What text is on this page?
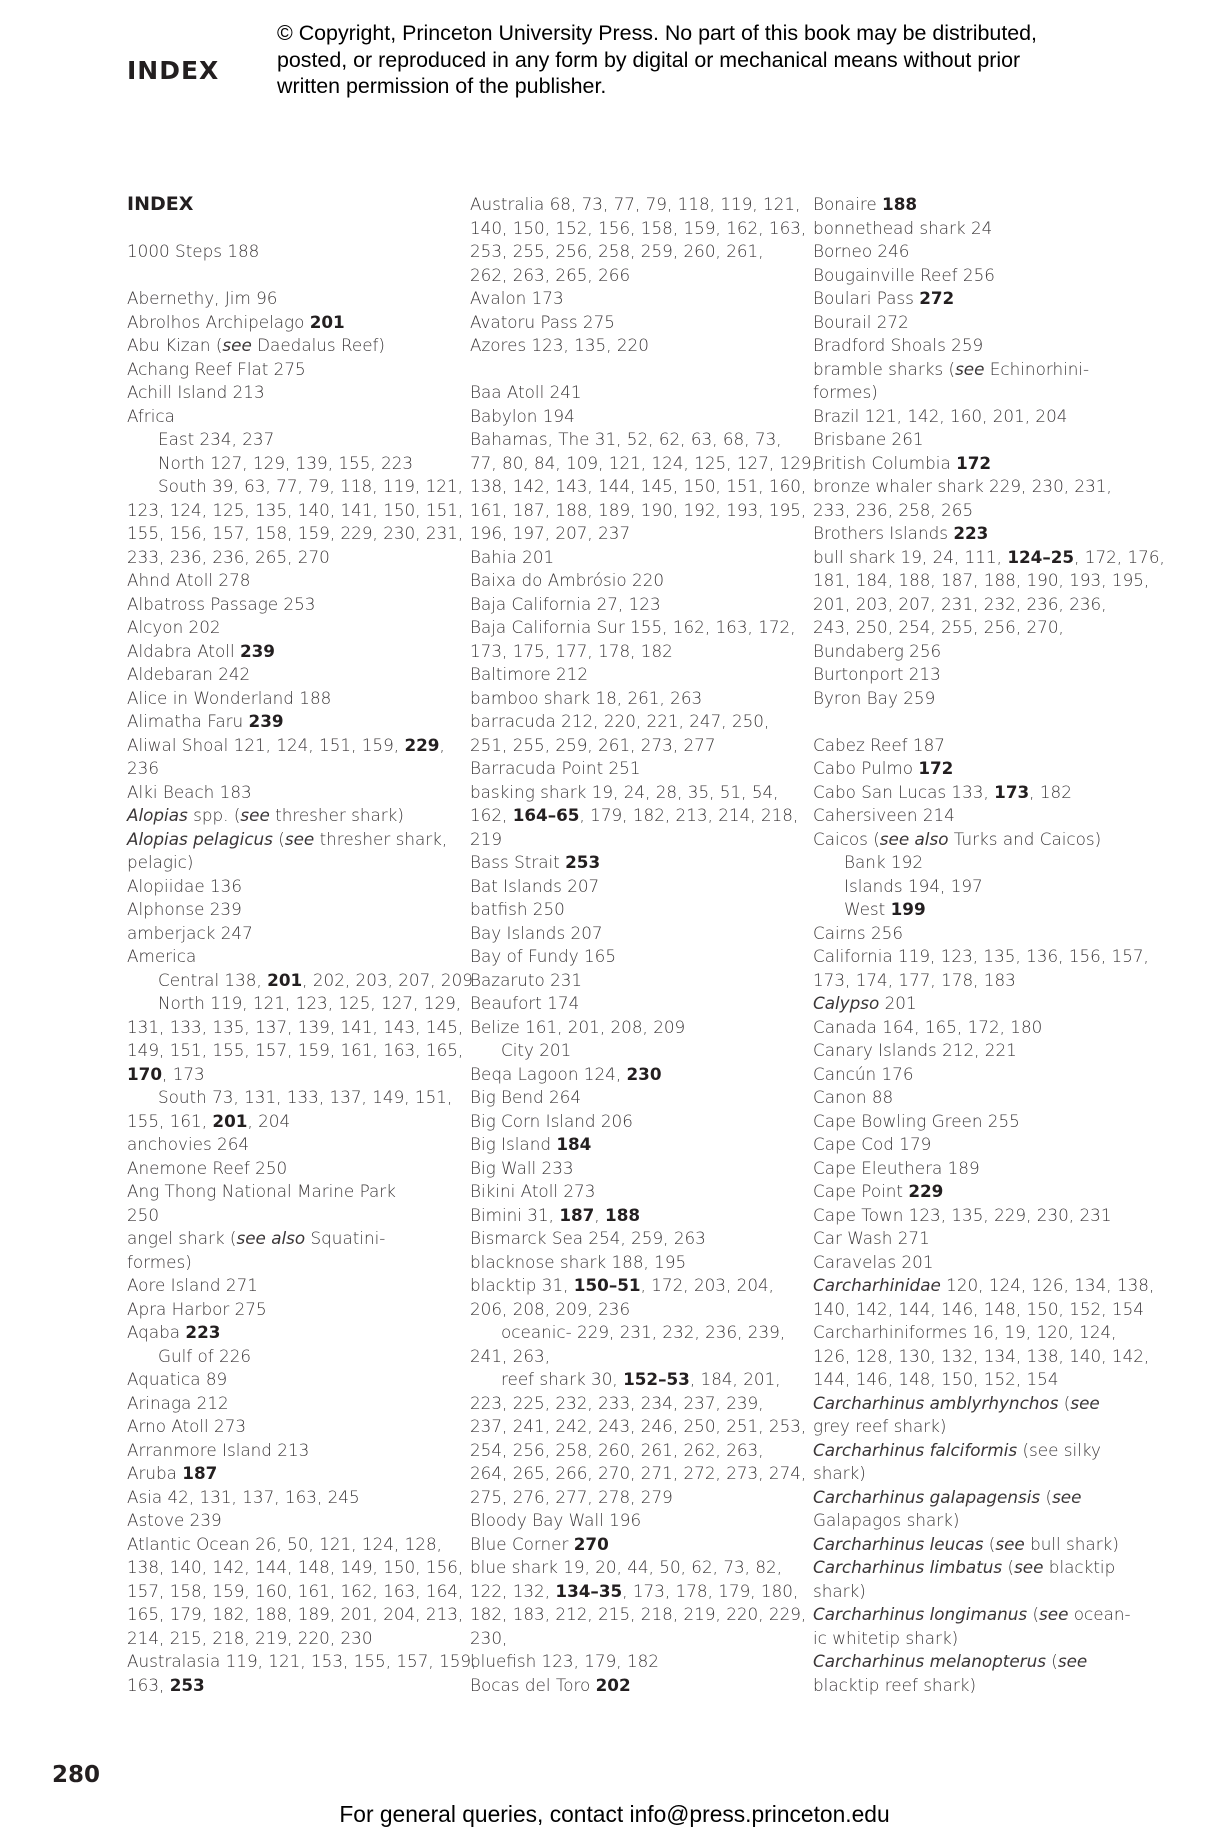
INDEX
© Copyright, Princeton University Press. No part of this book may be distributed, posted, or reproduced in any form by digital or mechanical means without prior written permission of the publisher.
INDEX
1000 Steps 188
Abernethy, Jim 96
Abrolhos Archipelago 201
Abu Kizan (see Daedalus Reef)
Achang Reef Flat 275
Achill Island 213
Africa
East 234, 237
North 127, 129, 139, 155, 223
South 39, 63, 77, 79, 118, 119, 121,
123, 124, 125, 135, 140, 141, 150, 151,
155, 156, 157, 158, 159, 229, 230, 231,
233, 236, 236, 265, 270
Ahnd Atoll 278
Albatross Passage 253
Alcyon 202
Aldabra Atoll 239
Aldebaran 242
Alice in Wonderland 188
Alimatha Faru 239
Aliwal Shoal 121, 124, 151, 159, 229,
236
Alki Beach 183
Alopias spp. (see thresher shark)
Alopias pelagicus (see thresher shark,
pelagic)
Alopiidae 136
Alphonse 239
amberjack 247
America
Central 138, 201, 202, 203, 207, 209
North 119, 121, 123, 125, 127, 129,
131, 133, 135, 137, 139, 141, 143, 145,
149, 151, 155, 157, 159, 161, 163, 165,
170, 173
South 73, 131, 133, 137, 149, 151,
155, 161, 201, 204
anchovies 264
Anemone Reef 250
Ang Thong National Marine Park
250
angel shark (see also Squatini-
formes)
Aore Island 271
Apra Harbor 275
Aqaba 223
Gulf of 226
Aquatica 89
Arinaga 212
Arno Atoll 273
Arranmore Island 213
Aruba 187
Asia 42, 131, 137, 163, 245
Astove 239
Atlantic Ocean 26, 50, 121, 124, 128,
138, 140, 142, 144, 148, 149, 150, 156,
157, 158, 159, 160, 161, 162, 163, 164,
165, 179, 182, 188, 189, 201, 204, 213,
214, 215, 218, 219, 220, 230
Australasia 119, 121, 153, 155, 157, 159,
163, 253
Australia 68, 73, 77, 79, 118, 119, 121,
140, 150, 152, 156, 158, 159, 162, 163,
253, 255, 256, 258, 259, 260, 261,
262, 263, 265, 266
Avalon 173
Avatoru Pass 275
Azores 123, 135, 220
Baa Atoll 241
Babylon 194
Bahamas, The 31, 52, 62, 63, 68, 73,
77, 80, 84, 109, 121, 124, 125, 127, 129,
138, 142, 143, 144, 145, 150, 151, 160,
161, 187, 188, 189, 190, 192, 193, 195,
196, 197, 207, 237
Bahia 201
Baixa do Ambrósio 220
Baja California 27, 123
Baja California Sur 155, 162, 163, 172,
173, 175, 177, 178, 182
Baltimore 212
bamboo shark 18, 261, 263
barracuda 212, 220, 221, 247, 250,
251, 255, 259, 261, 273, 277
Barracuda Point 251
basking shark 19, 24, 28, 35, 51, 54,
162, 164–65, 179, 182, 213, 214, 218,
219
Bass Strait 253
Bat Islands 207
batfish 250
Bay Islands 207
Bay of Fundy 165
Bazaruto 231
Beaufort 174
Belize 161, 201, 208, 209
City 201
Beqa Lagoon 124, 230
Big Bend 264
Big Corn Island 206
Big Island 184
Big Wall 233
Bikini Atoll 273
Bimini 31, 187, 188
Bismarck Sea 254, 259, 263
blacknose shark 188, 195
blacktip 31, 150–51, 172, 203, 204,
206, 208, 209, 236
oceanic- 229, 231, 232, 236, 239,
241, 263,
reef shark 30, 152–53, 184, 201,
223, 225, 232, 233, 234, 237, 239,
237, 241, 242, 243, 246, 250, 251, 253,
254, 256, 258, 260, 261, 262, 263,
264, 265, 266, 270, 271, 272, 273, 274,
275, 276, 277, 278, 279
Bloody Bay Wall 196
Blue Corner 270
blue shark 19, 20, 44, 50, 62, 73, 82,
122, 132, 134–35, 173, 178, 179, 180,
182, 183, 212, 215, 218, 219, 220, 229,
230,
bluefish 123, 179, 182
Bocas del Toro 202
Bonaire 188
bonnethead shark 24
Borneo 246
Bougainville Reef 256
Boulari Pass 272
Bourail 272
Bradford Shoals 259
bramble sharks (see Echinorhini-
formes)
Brazil 121, 142, 160, 201, 204
Brisbane 261
British Columbia 172
bronze whaler shark 229, 230, 231,
233, 236, 258, 265
Brothers Islands 223
bull shark 19, 24, 111, 124–25, 172, 176,
181, 184, 188, 187, 188, 190, 193, 195,
201, 203, 207, 231, 232, 236, 236,
243, 250, 254, 255, 256, 270,
Bundaberg 256
Burtonport 213
Byron Bay 259
Cabez Reef 187
Cabo Pulmo 172
Cabo San Lucas 133, 173, 182
Cahersiveen 214
Caicos (see also Turks and Caicos)
Bank 192
Islands 194, 197
West 199
Cairns 256
California 119, 123, 135, 136, 156, 157,
173, 174, 177, 178, 183
Calypso 201
Canada 164, 165, 172, 180
Canary Islands 212, 221
Cancún 176
Canon 88
Cape Bowling Green 255
Cape Cod 179
Cape Eleuthera 189
Cape Point 229
Cape Town 123, 135, 229, 230, 231
Car Wash 271
Caravelas 201
Carcharhinidae 120, 124, 126, 134, 138,
140, 142, 144, 146, 148, 150, 152, 154
Carcharhiniformes 16, 19, 120, 124,
126, 128, 130, 132, 134, 138, 140, 142,
144, 146, 148, 150, 152, 154
Carcharhinus amblyrhynchos (see
grey reef shark)
Carcharhinus falciformis (see silky
shark)
Carcharhinus galapagensis (see
Galapagos shark)
Carcharhinus leucas (see bull shark)
Carcharhinus limbatus (see blacktip
shark)
Carcharhinus longimanus (see ocean-
ic whitetip shark)
Carcharhinus melanopterus (see
blacktip reef shark)
280
For general queries, contact info@press.princeton.edu
